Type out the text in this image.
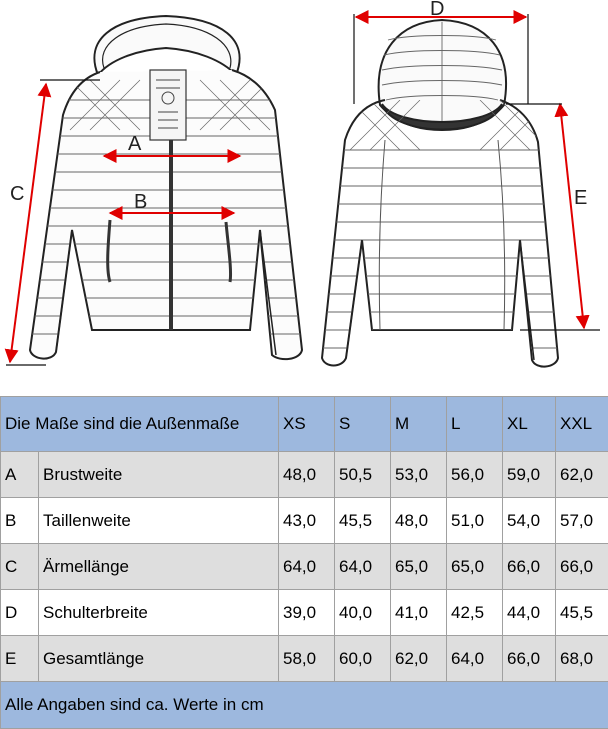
A
B
C
D
E
Die Maße sind die Außenmaße		XS	S	M	L	XL	XXL
A	Brustweite	48,0	50,5	53,0	56,0	59,0	62,0
B	Taillenweite	43,0	45,5	48,0	51,0	54,0	57,0
C	Ärmellänge	64,0	64,0	65,0	65,0	66,0	66,0
D	Schulterbreite	39,0	40,0	41,0	42,5	44,0	45,5
E	Gesamtlänge	58,0	60,0	62,0	64,0	66,0	68,0
Alle Angaben sind ca. Werte in cm							
